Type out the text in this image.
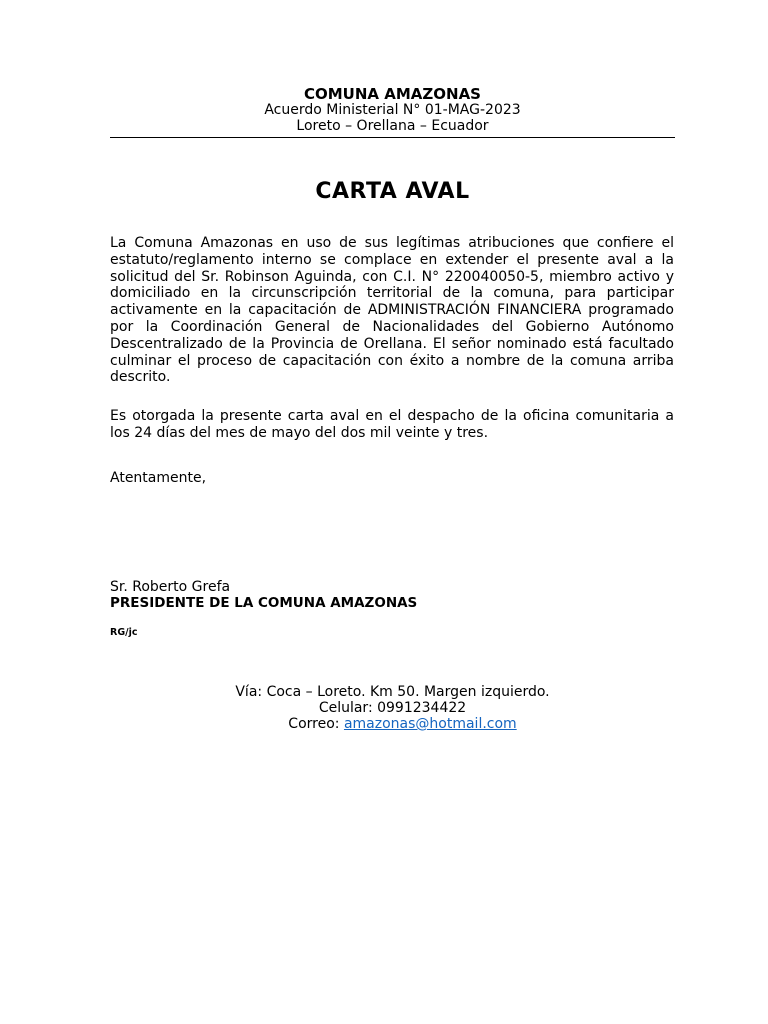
COMUNA AMAZONAS
Acuerdo Ministerial N° 01-MAG-2023
Loreto – Orellana – Ecuador
CARTA AVAL
La Comuna Amazonas en uso de sus legítimas atribuciones que confiere el estatuto/reglamento interno se complace en extender el presente aval a la solicitud del Sr. Robinson Aguinda, con C.I. N° 220040050-5, miembro activo y domiciliado en la circunscripción territorial de la comuna, para participar activamente en la capacitación de ADMINISTRACIÓN FINANCIERA programado por la Coordinación General de Nacionalidades del Gobierno Autónomo Descentralizado de la Provincia de Orellana. El señor nominado está facultado culminar el proceso de capacitación con éxito a nombre de la comuna arriba descrito.
Es otorgada la presente carta aval en el despacho de la oficina comunitaria a los 24 días del mes de mayo del dos mil veinte y tres.
Atentamente,
Sr. Roberto Grefa
PRESIDENTE DE LA COMUNA AMAZONAS
RG/jc
Vía: Coca – Loreto. Km 50. Margen izquierdo.
Celular: 0991234422
Correo: amazonas@hotmail.com
